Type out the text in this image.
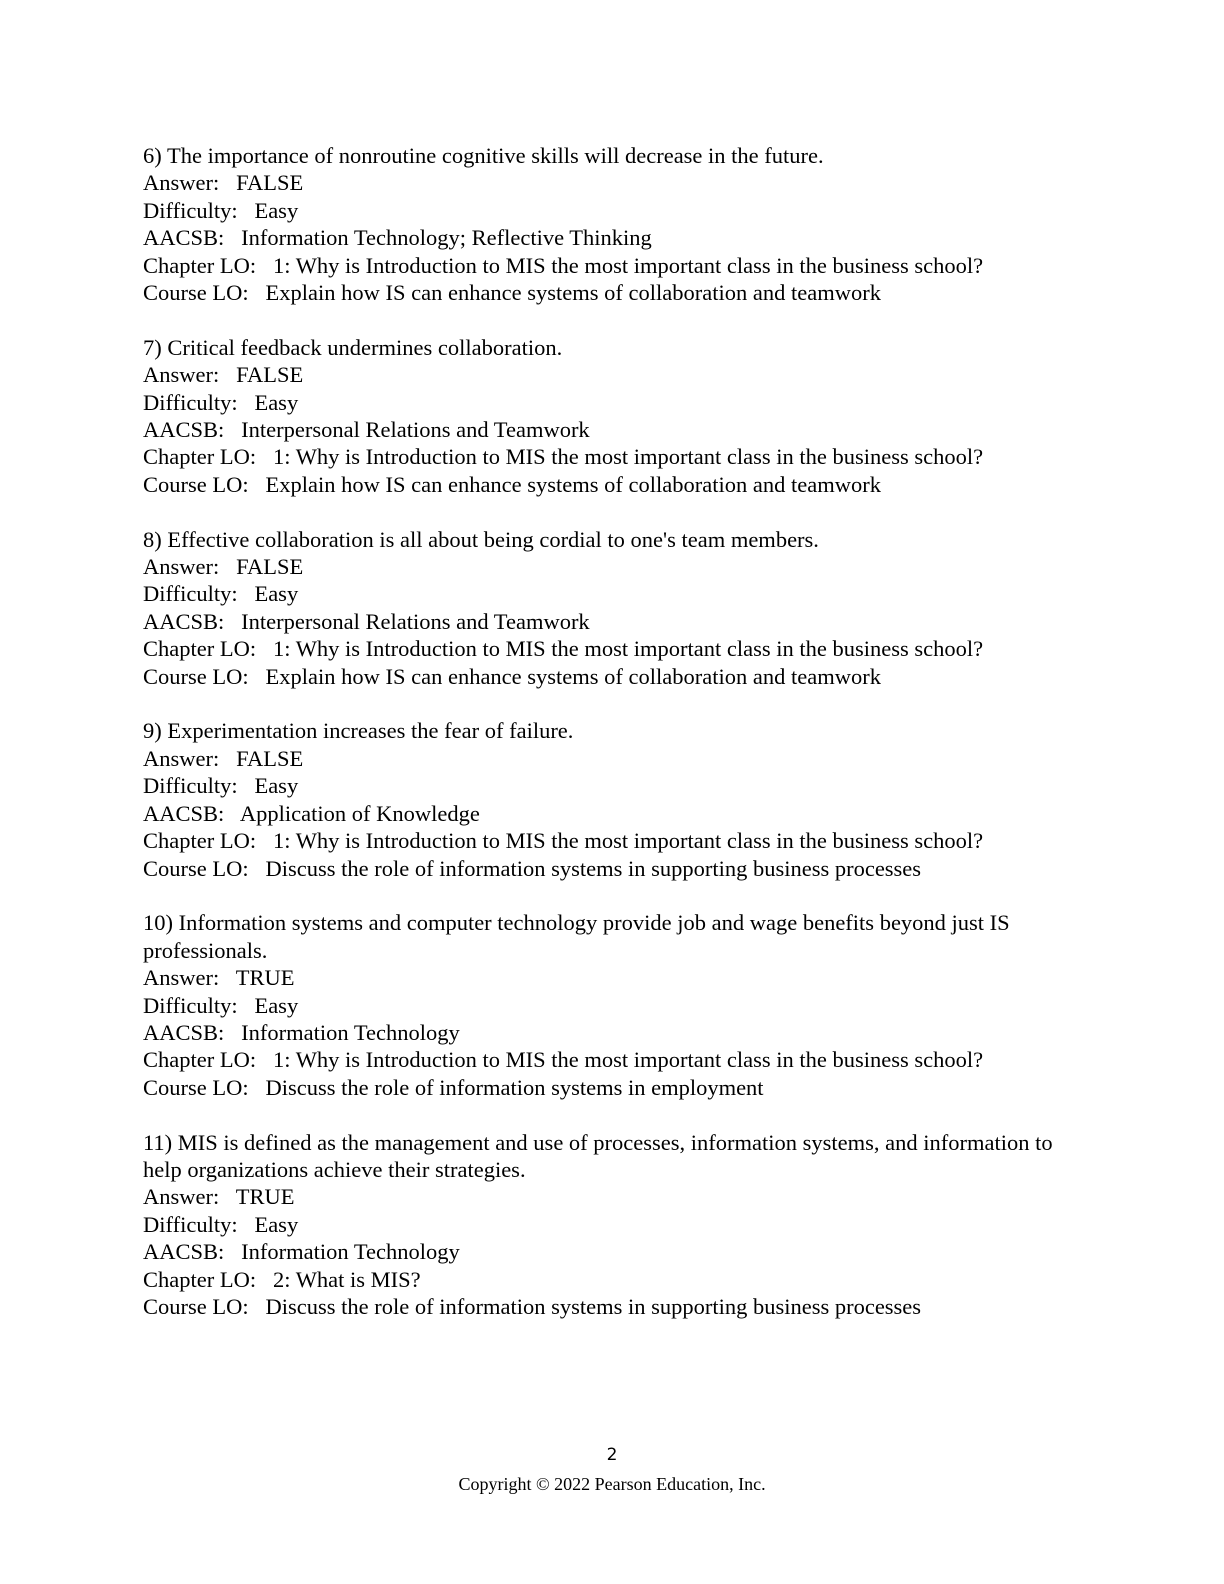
6) The importance of nonroutine cognitive skills will decrease in the future.
Answer:   FALSE
Difficulty:   Easy
AACSB:   Information Technology; Reflective Thinking
Chapter LO:   1: Why is Introduction to MIS the most important class in the business school?
Course LO:   Explain how IS can enhance systems of collaboration and teamwork
7) Critical feedback undermines collaboration.
Answer:   FALSE
Difficulty:   Easy
AACSB:   Interpersonal Relations and Teamwork
Chapter LO:   1: Why is Introduction to MIS the most important class in the business school?
Course LO:   Explain how IS can enhance systems of collaboration and teamwork
8) Effective collaboration is all about being cordial to one's team members.
Answer:   FALSE
Difficulty:   Easy
AACSB:   Interpersonal Relations and Teamwork
Chapter LO:   1: Why is Introduction to MIS the most important class in the business school?
Course LO:   Explain how IS can enhance systems of collaboration and teamwork
9) Experimentation increases the fear of failure.
Answer:   FALSE
Difficulty:   Easy
AACSB:   Application of Knowledge
Chapter LO:   1: Why is Introduction to MIS the most important class in the business school?
Course LO:   Discuss the role of information systems in supporting business processes
10) Information systems and computer technology provide job and wage benefits beyond just IS professionals.
Answer:   TRUE
Difficulty:   Easy
AACSB:   Information Technology
Chapter LO:   1: Why is Introduction to MIS the most important class in the business school?
Course LO:   Discuss the role of information systems in employment
11) MIS is defined as the management and use of processes, information systems, and information to help organizations achieve their strategies.
Answer:   TRUE
Difficulty:   Easy
AACSB:   Information Technology
Chapter LO:   2: What is MIS?
Course LO:   Discuss the role of information systems in supporting business processes
2
Copyright © 2022 Pearson Education, Inc.
